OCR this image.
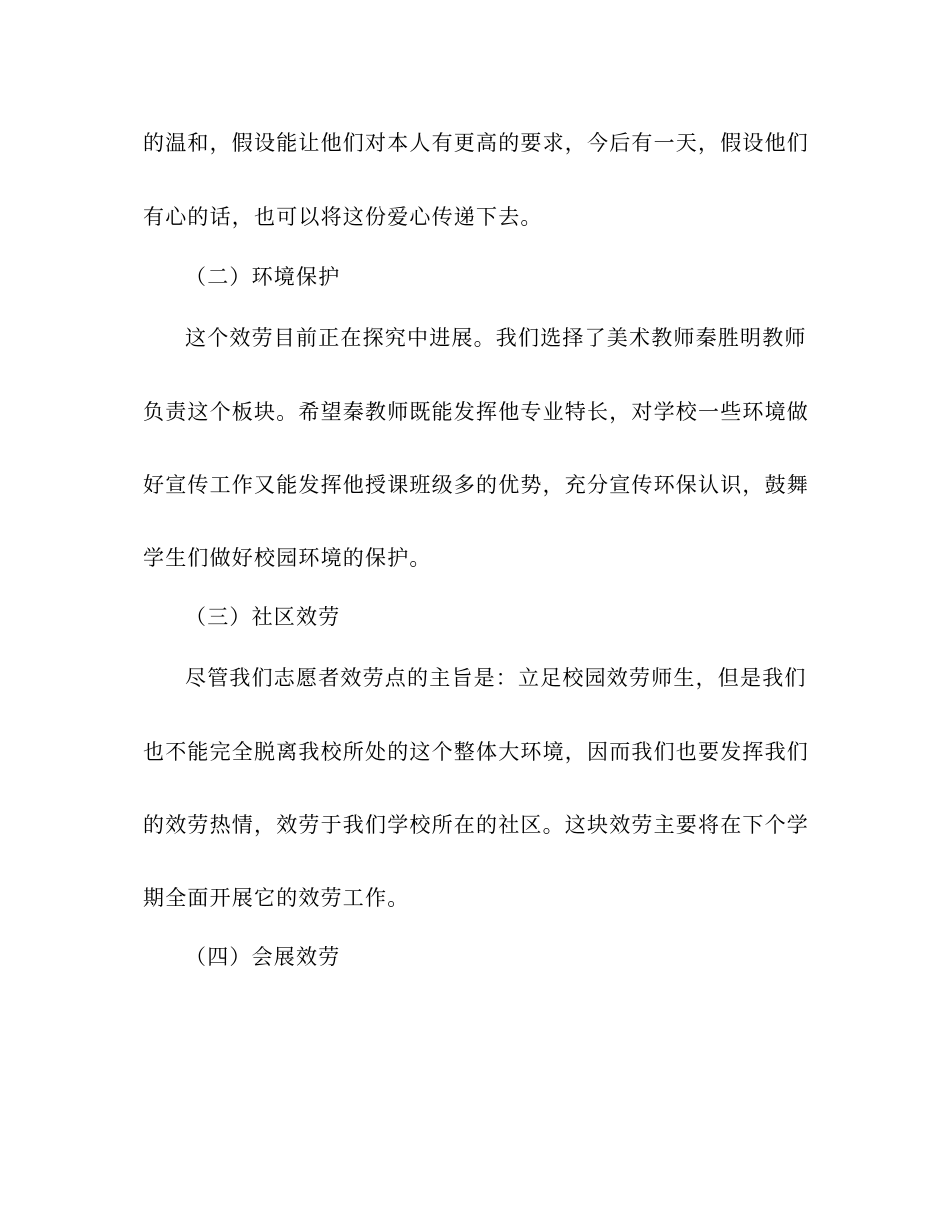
的温和，假设能让他们对本人有更高的要求，今后有一天，假设他们
有心的话，也可以将这份爱心传递下去。
（二）环境保护
这个效劳目前正在探究中进展。我们选择了美术教师秦胜明教师
负责这个板块。希望秦教师既能发挥他专业特长，对学校一些环境做
好宣传工作又能发挥他授课班级多的优势，充分宣传环保认识，鼓舞
学生们做好校园环境的保护。
（三）社区效劳
尽管我们志愿者效劳点的主旨是：立足校园效劳师生，但是我们
也不能完全脱离我校所处的这个整体大环境，因而我们也要发挥我们
的效劳热情，效劳于我们学校所在的社区。这块效劳主要将在下个学
期全面开展它的效劳工作。
（四）会展效劳
